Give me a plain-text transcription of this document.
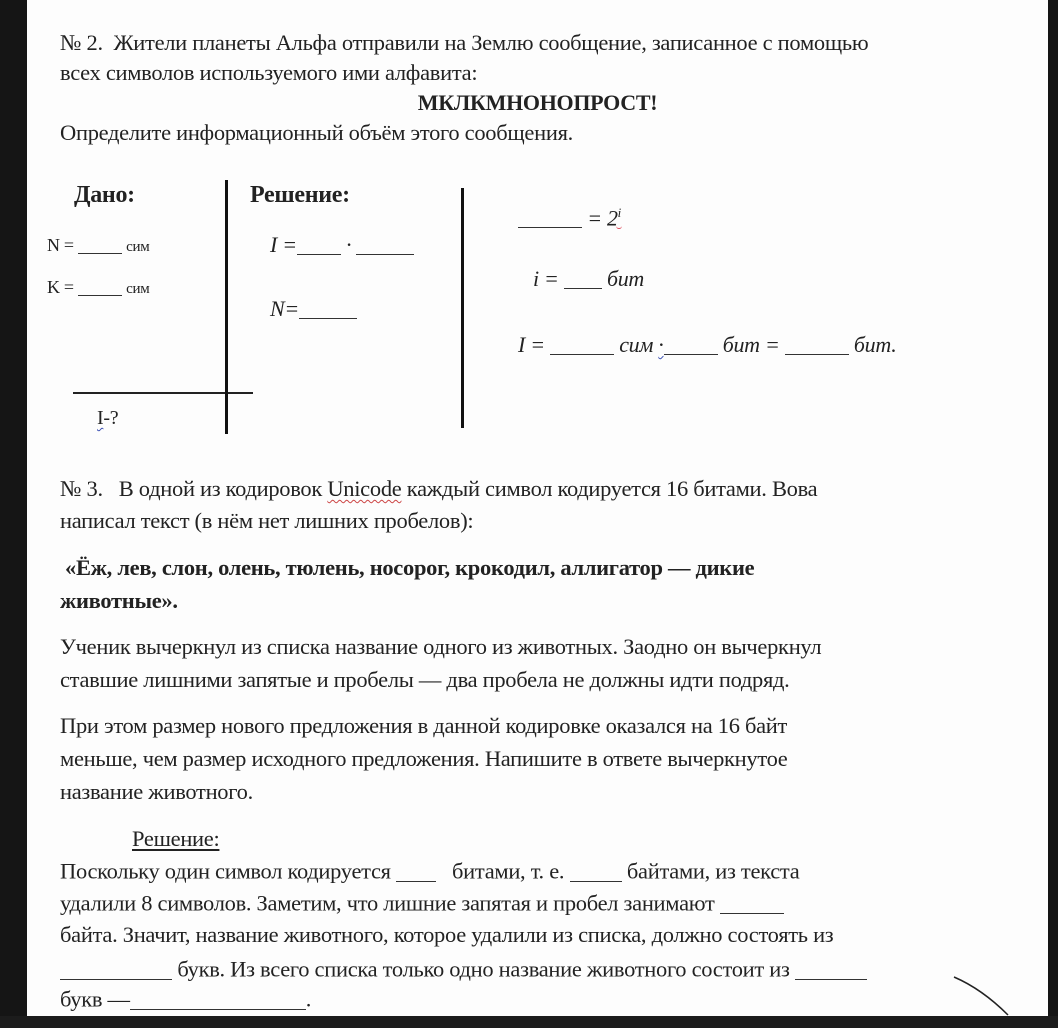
№ 2. Жители планеты Альфа отправили на Землю сообщение, записанное с помощью
всех символов используемого ими алфавита:
МКЛКМНОНОПРОСТ!
Определите информационный объём этого сообщения.
Дано:
N =	сим
K =	сим
I-?
Решение:
I = ·
N=
= $2^i$
i = бит
I =	сим ·	бит =	бит.
№ 3. В одной из кодировок Unicode каждый символ кодируется 16 битами. Вова
написал текст (в нём нет лишних пробелов):
«Ёж, лев, слон, олень, тюлень, носорог, крокодил, аллигатор — дикие
животные».
Ученик вычеркнул из списка название одного из животных. Заодно он вычеркнул
ставшие лишними запятые и пробелы — два пробела не должны идти подряд.
При этом размер нового предложения в данной кодировке оказался на 16 байт
меньше, чем размер исходного предложения. Напишите в ответе вычеркнутое
название животного.
Решение:
Поскольку один символ кодируется	битами, т. е.	байтами, из текста
удалили 8 символов. Заметим, что лишние запятая и пробел занимают
байта. Значит, название животного, которое удалили из списка, должно состоять из
букв. Из всего списка только одно название животного состоит из
букв —	.
